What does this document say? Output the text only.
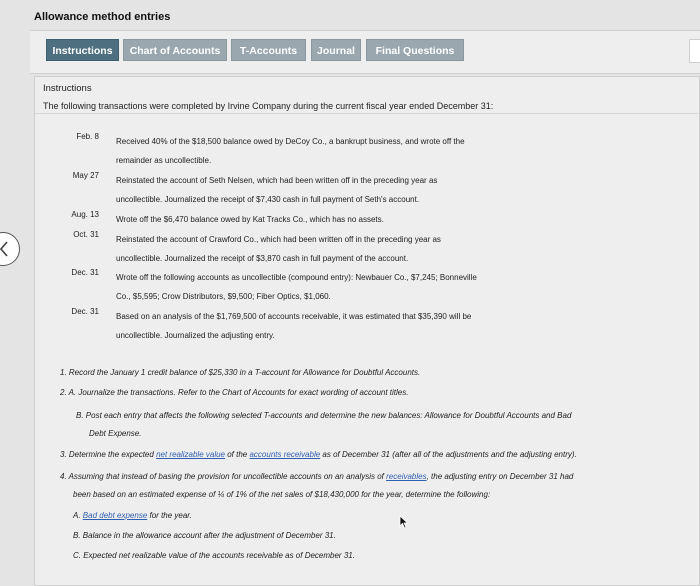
Allowance method entries
Instructions	Chart of Accounts	T-Accounts	Journal	Final Questions
Instructions
The following transactions were completed by Irvine Company during the current fiscal year ended December 31:
Feb. 8
Received 40% of the $18,500 balance owed by DeCoy Co., a bankrupt business, and wrote off the
remainder as uncollectible.
May 27
Reinstated the account of Seth Nelsen, which had been written off in the preceding year as
uncollectible. Journalized the receipt of $7,430 cash in full payment of Seth's account.
Aug. 13
Wrote off the $6,470 balance owed by Kat Tracks Co., which has no assets.
Oct. 31
Reinstated the account of Crawford Co., which had been written off in the preceding year as
uncollectible. Journalized the receipt of $3,870 cash in full payment of the account.
Dec. 31
Wrote off the following accounts as uncollectible (compound entry): Newbauer Co., $7,245; Bonneville
Co., $5,595; Crow Distributors, $9,500; Fiber Optics, $1,060.
Dec. 31
Based on an analysis of the $1,769,500 of accounts receivable, it was estimated that $35,390 will be
uncollectible. Journalized the adjusting entry.
1. Record the January 1 credit balance of $25,330 in a T-account for Allowance for Doubtful Accounts.
2. A. Journalize the transactions. Refer to the Chart of Accounts for exact wording of account titles.
B. Post each entry that affects the following selected T-accounts and determine the new balances: Allowance for Doubtful Accounts and Bad
Debt Expense.
3. Determine the expected net realizable value of the accounts receivable as of December 31 (after all of the adjustments and the adjusting entry).
4. Assuming that instead of basing the provision for uncollectible accounts on an analysis of receivables, the adjusting entry on December 31 had
been based on an estimated expense of ¼ of 1% of the net sales of $18,430,000 for the year, determine the following:
A. Bad debt expense for the year.
B. Balance in the allowance account after the adjustment of December 31.
C. Expected net realizable value of the accounts receivable as of December 31.
